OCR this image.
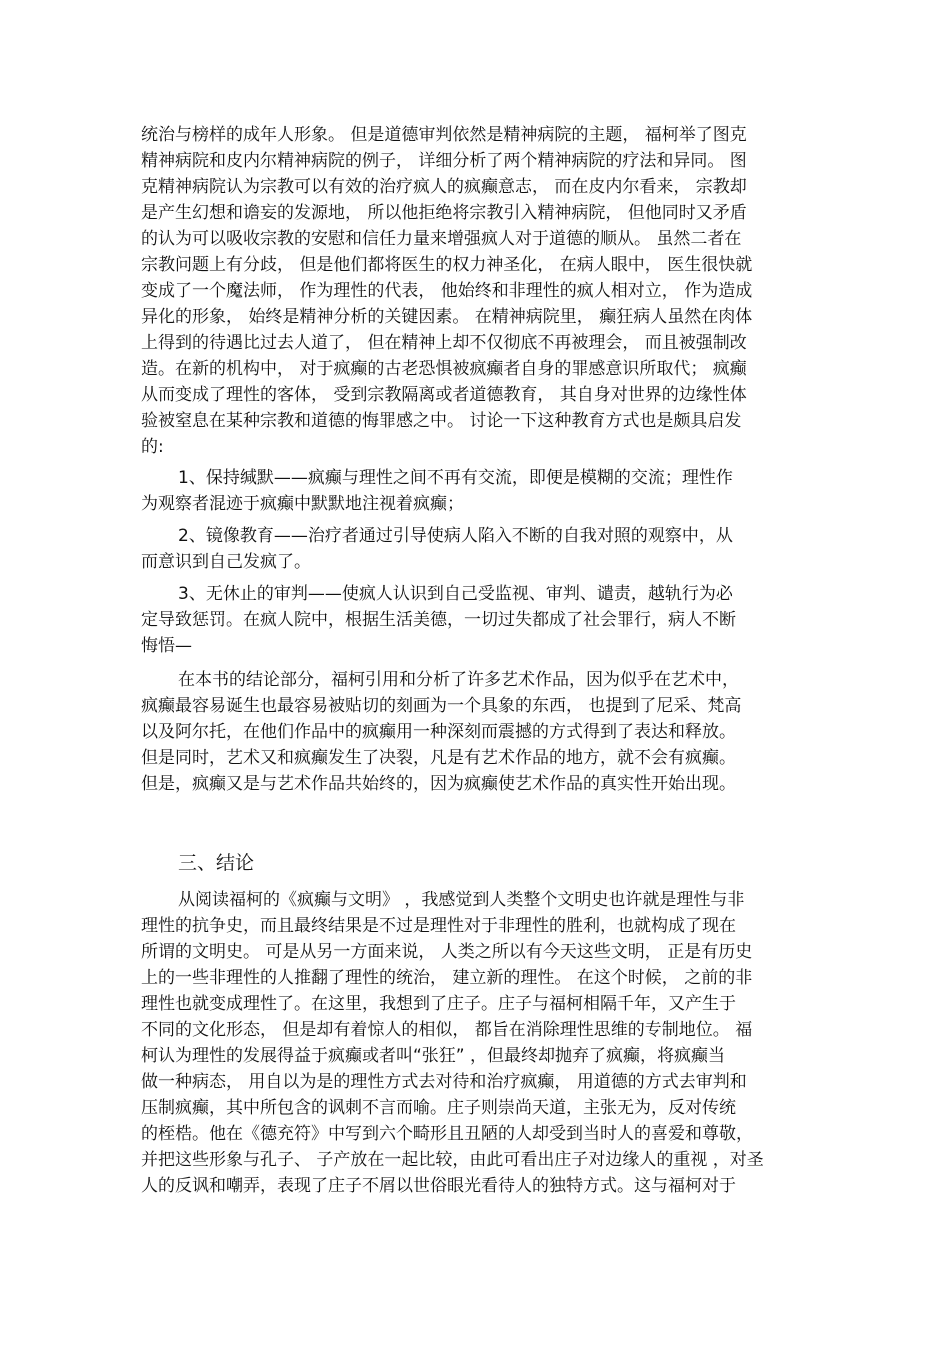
统治与榜样的成年人形象。 但是道德审判依然是精神病院的主题， 福柯举了图克
精神病院和皮内尔精神病院的例子， 详细分析了两个精神病院的疗法和异同。 图
克精神病院认为宗教可以有效的治疗疯人的疯癫意志， 而在皮内尔看来， 宗教却
是产生幻想和谵妄的发源地， 所以他拒绝将宗教引入精神病院， 但他同时又矛盾
的认为可以吸收宗教的安慰和信任力量来增强疯人对于道德的顺从。 虽然二者在
宗教问题上有分歧， 但是他们都将医生的权力神圣化， 在病人眼中， 医生很快就
变成了一个魔法师， 作为理性的代表， 他始终和非理性的疯人相对立， 作为造成
异化的形象， 始终是精神分析的关键因素。 在精神病院里， 癫狂病人虽然在肉体
上得到的待遇比过去人道了， 但在精神上却不仅彻底不再被理会， 而且被强制改
造。在新的机构中， 对于疯癫的古老恐惧被疯癫者自身的罪感意识所取代； 疯癫
从而变成了理性的客体， 受到宗教隔离或者道德教育， 其自身对世界的边缘性体
验被窒息在某种宗教和道德的悔罪感之中。 讨论一下这种教育方式也是颇具启发
的:
1、保持缄默——疯癫与理性之间不再有交流，即便是模糊的交流；理性作
为观察者混迹于疯癫中默默地注视着疯癫；
2、镜像教育——治疗者通过引导使病人陷入不断的自我对照的观察中，从
而意识到自己发疯了。
3、无休止的审判——使疯人认识到自己受监视、审判、谴责，越轨行为必
定导致惩罚。在疯人院中，根据生活美德，一切过失都成了社会罪行，病人不断
悔悟—
在本书的结论部分，福柯引用和分析了许多艺术作品，因为似乎在艺术中，
疯癫最容易诞生也最容易被贴切的刻画为一个具象的东西， 也提到了尼采、梵高
以及阿尔托，在他们作品中的疯癫用一种深刻而震撼的方式得到了表达和释放。
但是同时，艺术又和疯癫发生了决裂，凡是有艺术作品的地方，就不会有疯癫。
但是，疯癫又是与艺术作品共始终的，因为疯癫使艺术作品的真实性开始出现。
三、结论
从阅读福柯的《疯癫与文明》 ，我感觉到人类整个文明史也许就是理性与非
理性的抗争史，而且最终结果是不过是理性对于非理性的胜利，也就构成了现在
所谓的文明史。 可是从另一方面来说， 人类之所以有今天这些文明， 正是有历史
上的一些非理性的人推翻了理性的统治， 建立新的理性。 在这个时候， 之前的非
理性也就变成理性了。在这里，我想到了庄子。庄子与福柯相隔千年，又产生于
不同的文化形态， 但是却有着惊人的相似， 都旨在消除理性思维的专制地位。 福
柯认为理性的发展得益于疯癫或者叫“张狂” ，但最终却抛弃了疯癫，将疯癫当
做一种病态， 用自以为是的理性方式去对待和治疗疯癫， 用道德的方式去审判和
压制疯癫，其中所包含的讽刺不言而喻。庄子则崇尚天道，主张无为，反对传统
的桎梏。他在《德充符》中写到六个畸形且丑陋的人却受到当时人的喜爱和尊敬，
并把这些形象与孔子、 子产放在一起比较，由此可看出庄子对边缘人的重视 ，对圣
人的反讽和嘲弄，表现了庄子不屑以世俗眼光看待人的独特方式。这与福柯对于
